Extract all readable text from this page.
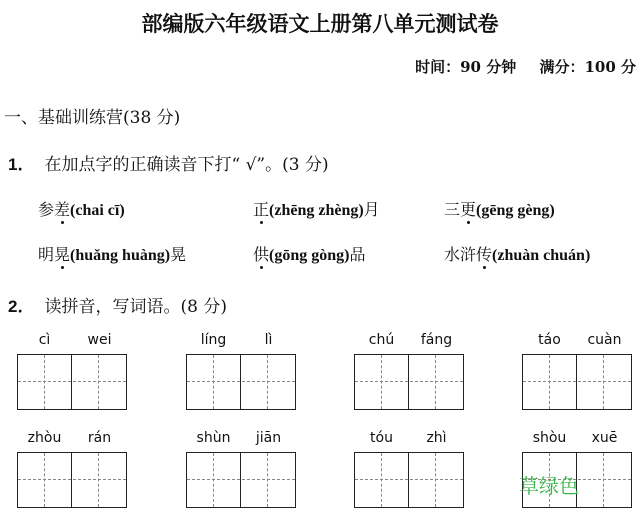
部编版六年级语文上册第八单元测试卷
时间：90 分钟 满分：100 分
一、基础训练营(38 分)
1． 在加点字的正确读音下打“ √”。(3 分)
参差(chai cī)	正(zhēng zhèng)月	三更(gēng gèng)
明晃(huǎng huàng)晃	供(gōng gòng)品	水浒传(zhuàn chuán)
2． 读拼音，写词语。(8 分)
cì	wei	líng	lì	chú	fáng	táo	cuàn
zhòu	rán	shùn	jiān	tóu	zhì	shòu	xuē
草绿色
